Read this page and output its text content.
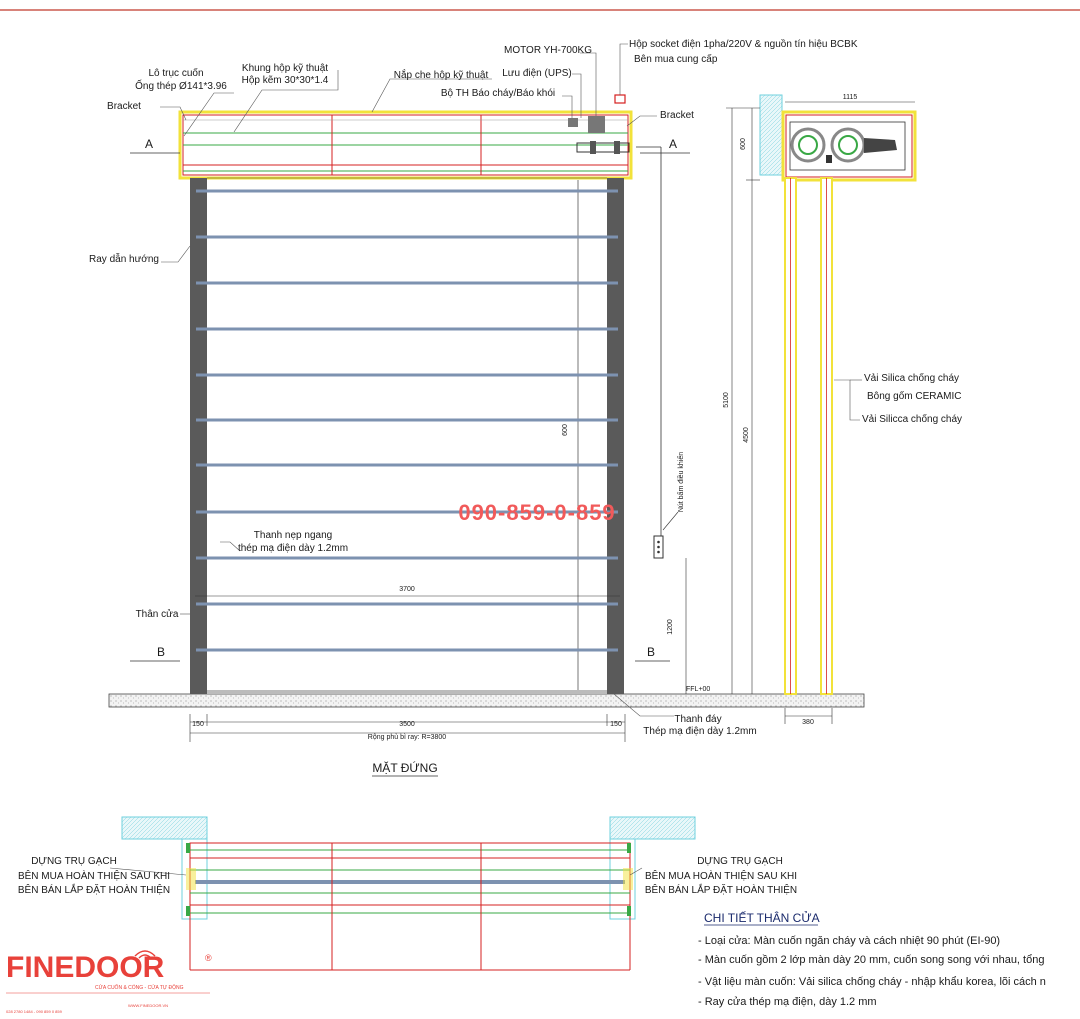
3700
600
150	3500	150
Rộng phủ bì ray: R=3800
Nút bấm điều khiển
1200
FFL+00
A	A
B	B
Lô trục cuốn
Ống thép Ø141*3.96
Khung hộp kỹ thuật
Hộp kẽm 30*30*1.4	Nắp che hộp kỹ thuật
MOTOR YH-700KG
Lưu điện (UPS)
Bộ TH Báo cháy/Báo khói
Hộp socket điện 1pha/220V & nguồn tín hiệu BCBK
Bên mua cung cấp
Bracket
Bracket
Ray dẫn hướng
Thanh nẹp ngang
thép mạ điện dày 1.2mm
Thân cửa
Thanh đáy
Thép mạ điện dày 1.2mm
090-859-0-859
MẶT ĐỨNG
600
5100
4500
1115
380
Vải Silica chống cháy
Bông gốm CERAMIC
Vải Silicca chống cháy
DỰNG TRỤ GẠCH
BÊN MUA HOÀN THIỆN SAU KHI
BÊN BÁN LẮP ĐẶT HOÀN THIỆN
DỰNG TRỤ GẠCH
BÊN MUA HOÀN THIỆN SAU KHI
BÊN BÁN LẮP ĐẶT HOÀN THIỆN
CHI TIẾT THÂN CỬA
- Loại cửa: Màn cuốn ngăn cháy và cách nhiệt 90 phút (EI-90)
- Màn cuốn gồm 2 lớp màn dày 20 mm, cuốn song song với nhau, tổng
- Vật liệu màn cuốn: Vải silica chống cháy - nhập khẩu korea, lõi cách n
- Ray cửa thép mạ điện, dày 1.2 mm
FINEDOOR	®
CỬA CUỐN & CỔNG - CỬA TỰ ĐỘNG
WWW.FINEDOOR.VN
028 2780 1484 - 090 859 0 859
